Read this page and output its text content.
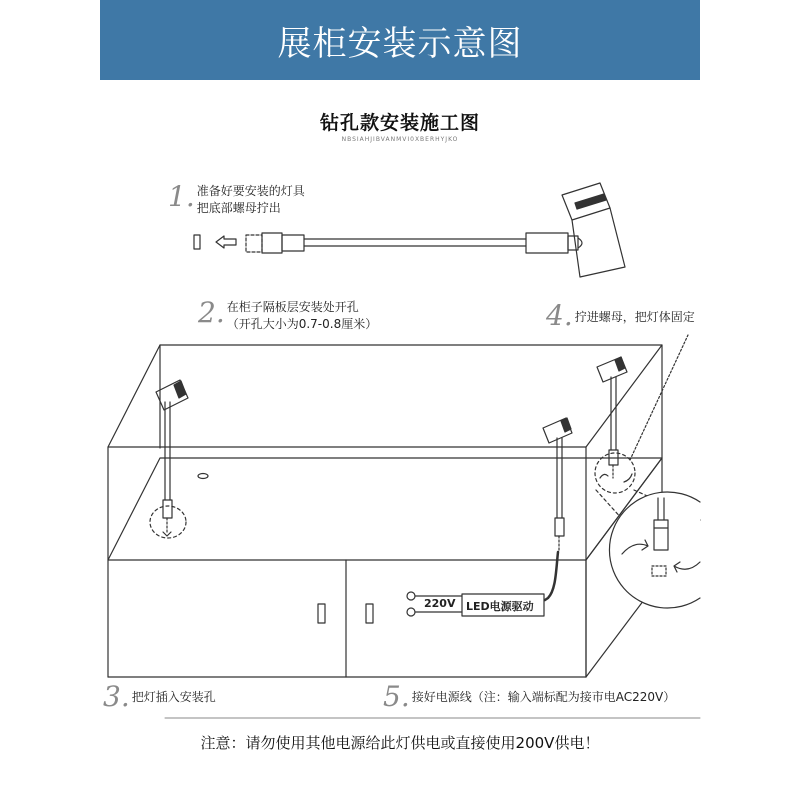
展柜安装示意图
钻孔款安装施工图
NBSIAHJIBVANMVI0XBERHYJKO
220V LED电源驱动
1. 准备好要安装的灯具
把底部螺母拧出
2. 在柜子隔板层安装处开孔
（开孔大小为0.7-0.8厘米）
3. 把灯插入安装孔
4. 拧进螺母，把灯体固定
5. 接好电源线（注：输入端标配为接市电AC220V）
注意：请勿使用其他电源给此灯供电或直接使用200V供电！
